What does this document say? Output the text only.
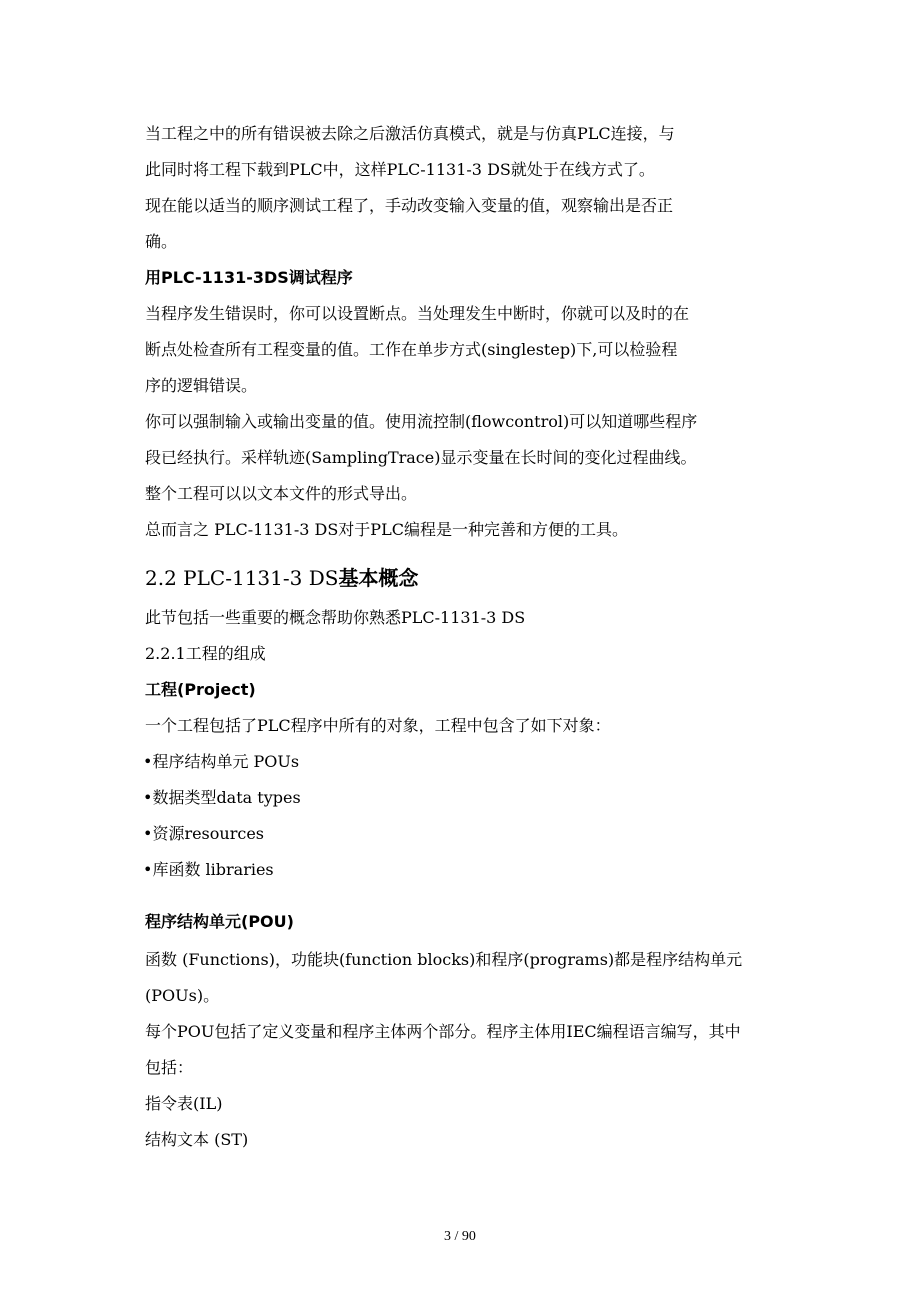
当工程之中的所有错误被去除之后激活仿真模式，就是与仿真PLC连接，与
此同时将工程下载到PLC中，这样PLC-1131-3 DS就处于在线方式了。
现在能以适当的顺序测试工程了，手动改变输入变量的值，观察输出是否正
确。
用PLC-1131-3DS调试程序
当程序发生错误时，你可以设置断点。当处理发生中断时，你就可以及时的在
断点处检查所有工程变量的值。工作在单步方式(singlestep)下,可以检验程
序的逻辑错误。
你可以强制输入或输出变量的值。使用流控制(flowcontrol)可以知道哪些程序
段已经执行。采样轨迹(SamplingTrace)显示变量在长时间的变化过程曲线。
整个工程可以以文本文件的形式导出。
总而言之 PLC-1131-3 DS对于PLC编程是一种完善和方便的工具。
2.2 PLC-1131-3 DS基本概念
此节包括一些重要的概念帮助你熟悉PLC-1131-3 DS
2.2.1工程的组成
工程(Project)
一个工程包括了PLC程序中所有的对象，工程中包含了如下对象：
•程序结构单元 POUs
•数据类型data types
•资源resources
•库函数 libraries
程序结构单元(POU)
函数 (Functions)，功能块(function blocks)和程序(programs)都是程序结构单元
(POUs)。
每个POU包括了定义变量和程序主体两个部分。程序主体用IEC编程语言编写，其中
包括：
指令表(IL)
结构文本 (ST)
3 / 90
